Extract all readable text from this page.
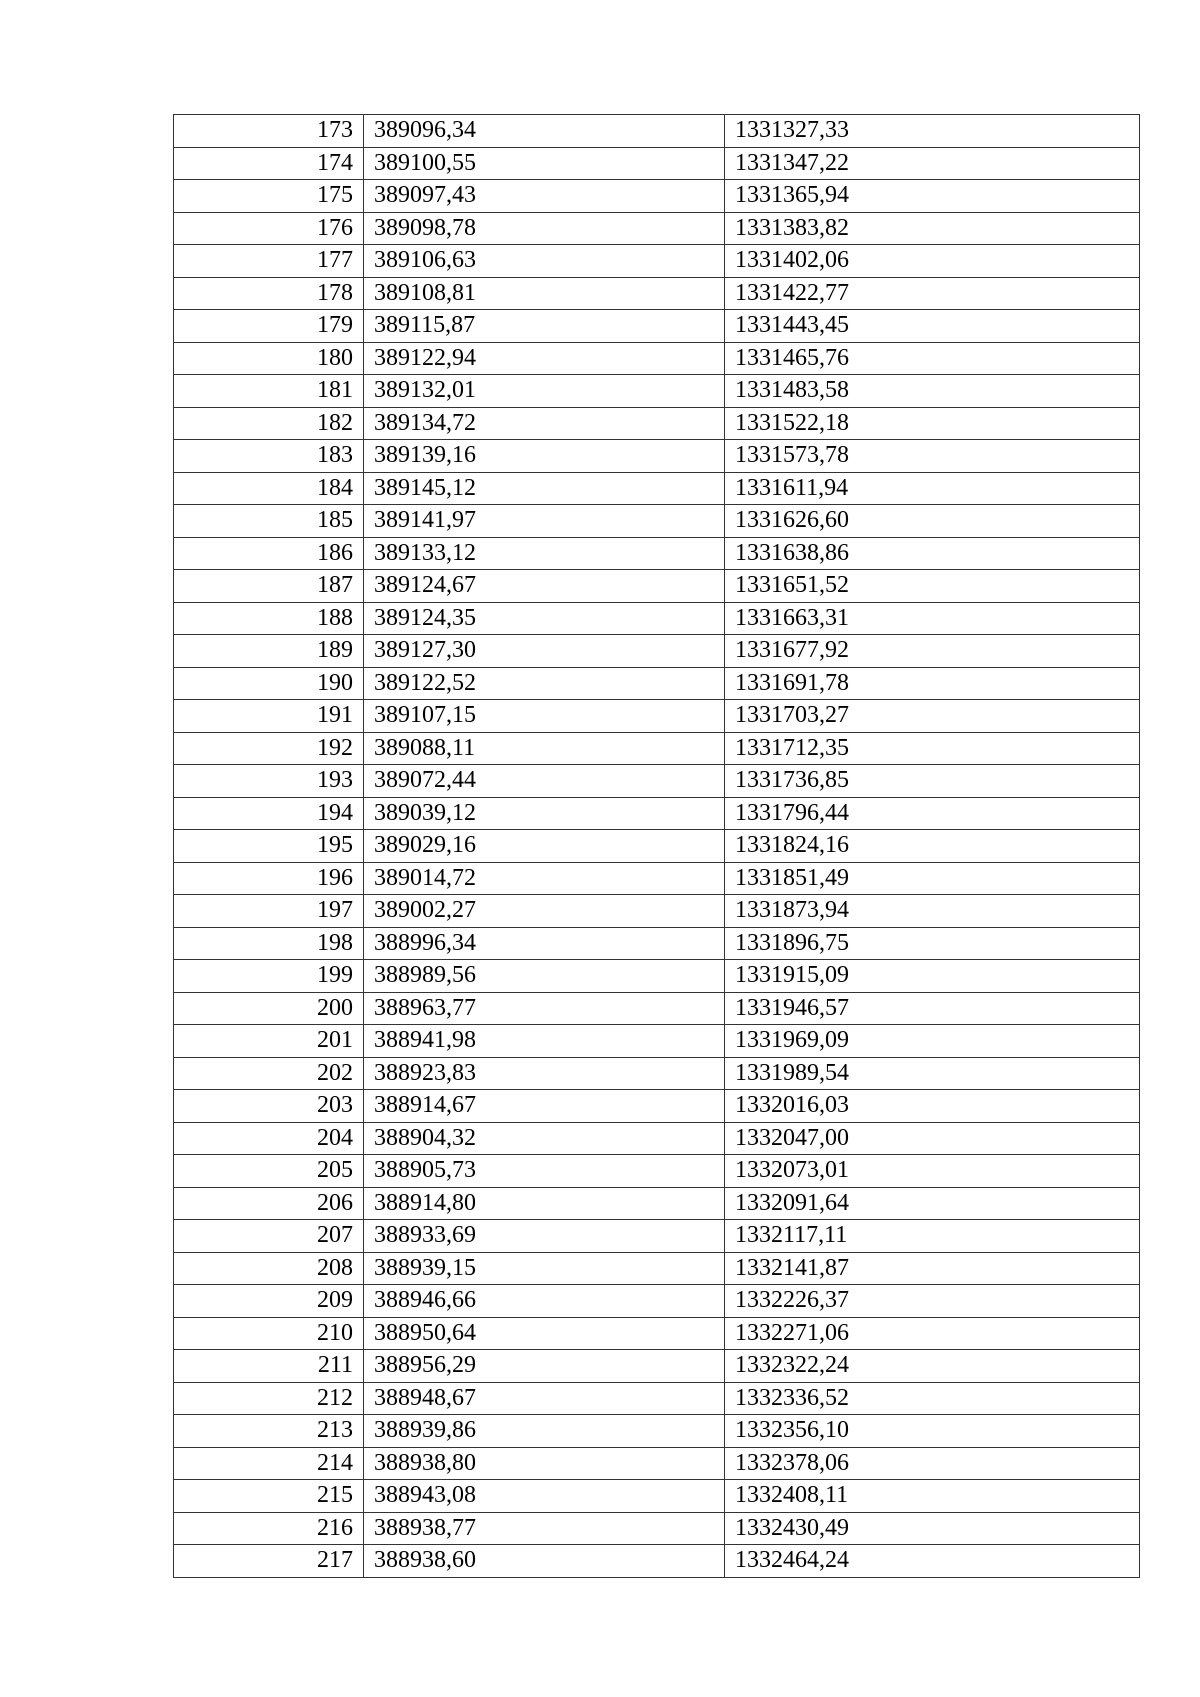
173	389096,34	1331327,33
174	389100,55	1331347,22
175	389097,43	1331365,94
176	389098,78	1331383,82
177	389106,63	1331402,06
178	389108,81	1331422,77
179	389115,87	1331443,45
180	389122,94	1331465,76
181	389132,01	1331483,58
182	389134,72	1331522,18
183	389139,16	1331573,78
184	389145,12	1331611,94
185	389141,97	1331626,60
186	389133,12	1331638,86
187	389124,67	1331651,52
188	389124,35	1331663,31
189	389127,30	1331677,92
190	389122,52	1331691,78
191	389107,15	1331703,27
192	389088,11	1331712,35
193	389072,44	1331736,85
194	389039,12	1331796,44
195	389029,16	1331824,16
196	389014,72	1331851,49
197	389002,27	1331873,94
198	388996,34	1331896,75
199	388989,56	1331915,09
200	388963,77	1331946,57
201	388941,98	1331969,09
202	388923,83	1331989,54
203	388914,67	1332016,03
204	388904,32	1332047,00
205	388905,73	1332073,01
206	388914,80	1332091,64
207	388933,69	1332117,11
208	388939,15	1332141,87
209	388946,66	1332226,37
210	388950,64	1332271,06
211	388956,29	1332322,24
212	388948,67	1332336,52
213	388939,86	1332356,10
214	388938,80	1332378,06
215	388943,08	1332408,11
216	388938,77	1332430,49
217	388938,60	1332464,24
